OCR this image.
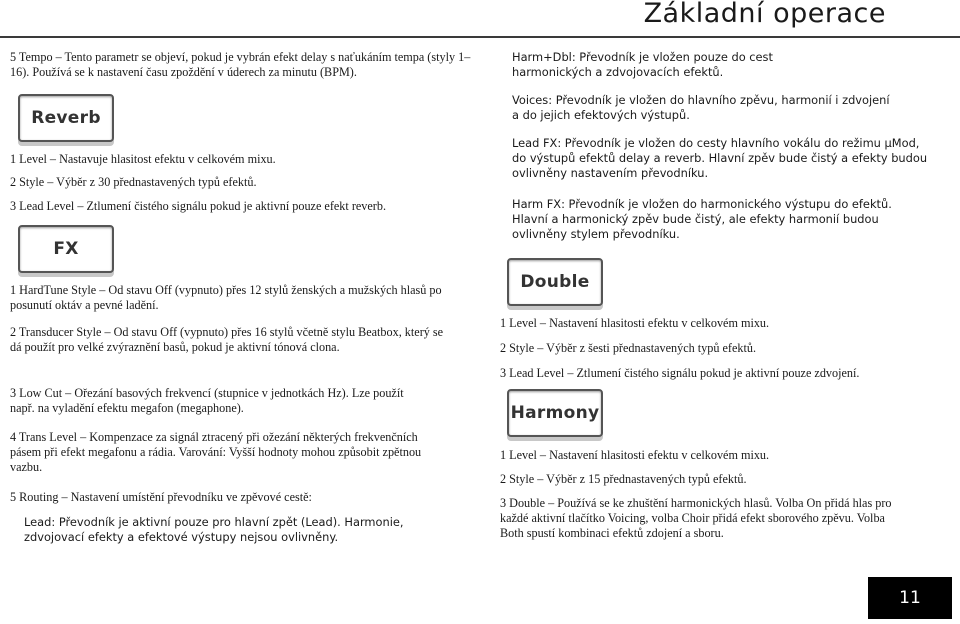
Základní operace

5 Tempo – Tento parametr se objeví, pokud je vybrán efekt delay s naťukáním tempa (styly 1–16). Používá se k nastavení času zpoždění v úderech za minutu (BPM).

Reverb

1 Level – Nastavuje hlasitost efektu v celkovém mixu.

2 Style – Výběr z 30 přednastavených typů efektů.

3 Lead Level – Ztlumení čistého signálu pokud je aktivní pouze efekt reverb.

FX

1 HardTune Style – Od stavu Off (vypnuto) přes 12 stylů ženských a mužských hlasů po posunutí oktáv a pevné ladění.

2 Transducer Style – Od stavu Off (vypnuto) přes 16 stylů včetně stylu Beatbox, který se dá použít pro velké zvýraznění basů, pokud je aktivní tónová clona.

3 Low Cut – Ořezání basových frekvencí (stupnice v jednotkách Hz). Lze použít např. na vyladění efektu megafon (megaphone).

4 Trans Level – Kompenzace za signál ztracený při ožezání některých frekvenčních pásem při efekt megafonu a rádia. Varování: Vyšší hodnoty mohou způsobit zpětnou vazbu.

5 Routing – Nastavení umístění převodníku ve zpěvové cestě:

Lead: Převodník je aktivní pouze pro hlavní zpět (Lead). Harmonie, zdvojovací efekty a efektové výstupy nejsou ovlivněny.

Harm+Dbl: Převodník je vložen pouze do cest harmonických a zdvojovacích efektů.

Voices: Převodník je vložen do hlavního zpěvu, harmonií i zdvojení a do jejich efektových výstupů.

Lead FX: Převodník je vložen do cesty hlavního vokálu do režimu µMod, do výstupů efektů delay a reverb. Hlavní zpěv bude čistý a efekty budou ovlivněny nastavením převodníku.

Harm FX: Převodník je vložen do harmonického výstupu do efektů. Hlavní a harmonický zpěv bude čistý, ale efekty harmonií budou ovlivněny stylem převodníku.

Double

1 Level – Nastavení hlasitosti efektu v celkovém mixu.

2 Style – Výběr z šesti přednastavených typů efektů.

3 Lead Level – Ztlumení čistého signálu pokud je aktivní pouze zdvojení.

Harmony

1 Level – Nastavení hlasitosti efektu v celkovém mixu.

2 Style – Výběr z 15 přednastavených typů efektů.

3 Double – Používá se ke zhuštění harmonických hlasů. Volba On přidá hlas pro každé aktivní tlačítko Voicing, volba Choir přidá efekt sborového zpěvu. Volba Both spustí kombinaci efektů zdojení a sboru.

11
